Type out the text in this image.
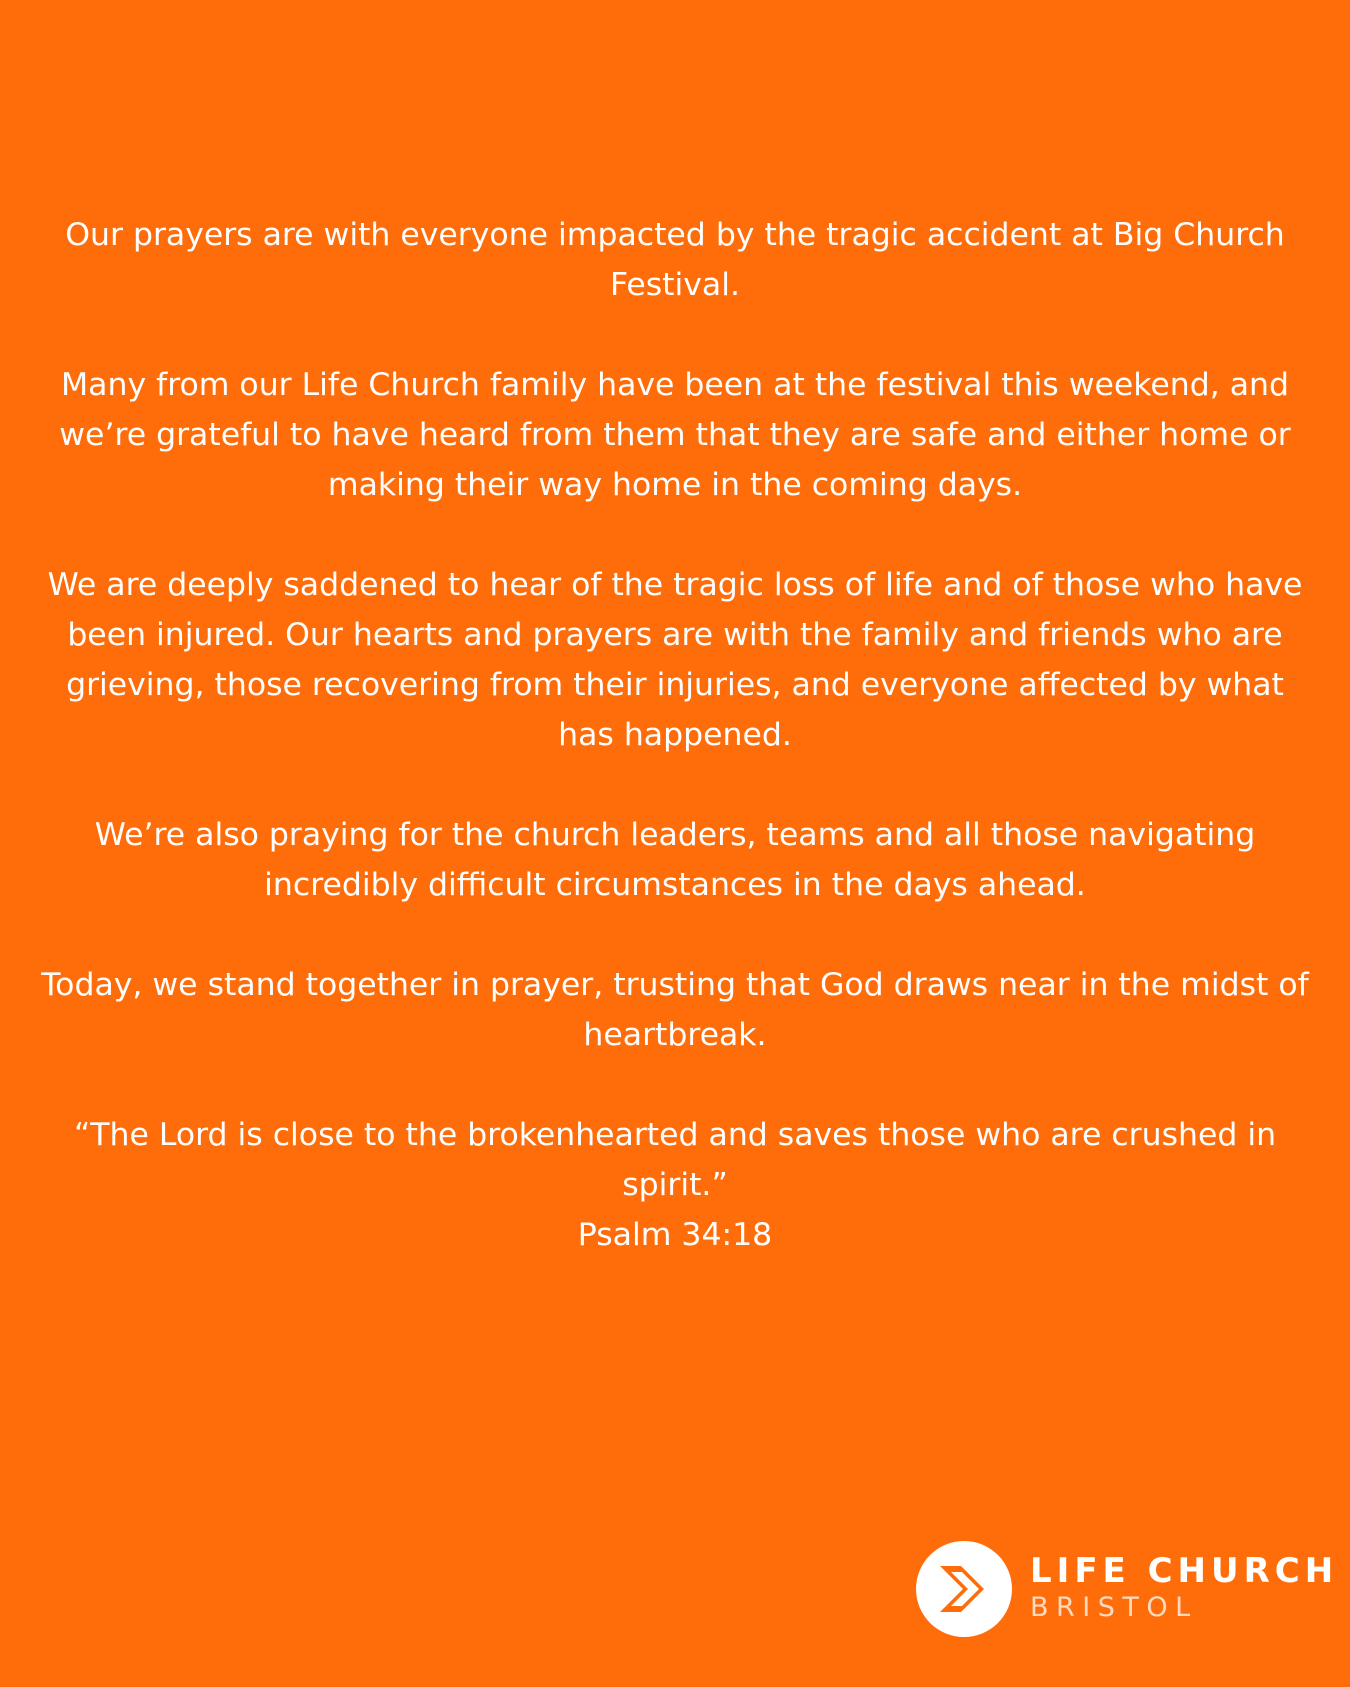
Our prayers are with everyone impacted by the tragic accident at Big Church Festival.

Many from our Life Church family have been at the festival this weekend, and we’re grateful to have heard from them that they are safe and either home or making their way home in the coming days.

We are deeply saddened to hear of the tragic loss of life and of those who have been injured. Our hearts and prayers are with the family and friends who are grieving, those recovering from their injuries, and everyone affected by what has happened.

We’re also praying for the church leaders, teams and all those navigating incredibly difficult circumstances in the days ahead.

Today, we stand together in prayer, trusting that God draws near in the midst of heartbreak.

“The Lord is close to the brokenhearted and saves those who are crushed in spirit.”

Psalm 34:18

LIFE CHURCH
BRISTOL
